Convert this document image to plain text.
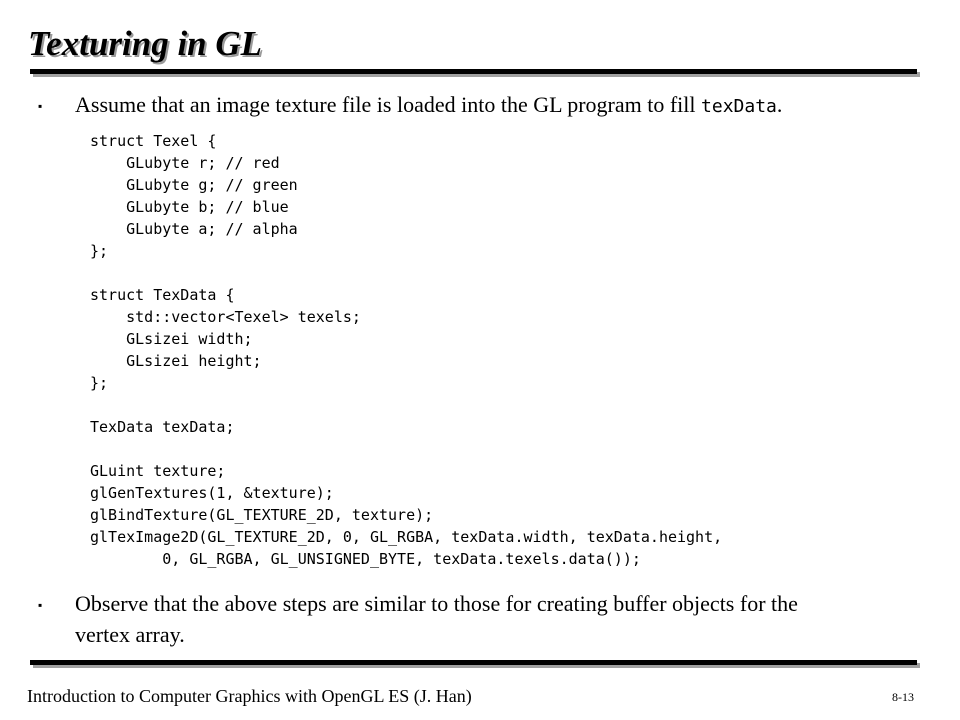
Texturing in GL
▪ Assume that an image texture file is loaded into the GL program to fill texData.
struct Texel {
GLubyte r; // red
GLubyte g; // green
GLubyte b; // blue
GLubyte a; // alpha
};

struct TexData {
std::vector<Texel> texels;
GLsizei width;
GLsizei height;
};

TexData texData;

GLuint texture;
glGenTextures(1, &texture);
glBindTexture(GL_TEXTURE_2D, texture);
glTexImage2D(GL_TEXTURE_2D, 0, GL_RGBA, texData.width, texData.height,
0, GL_RGBA, GL_UNSIGNED_BYTE, texData.texels.data());
▪ Observe that the above steps are similar to those for creating buffer objects for the
vertex array.
Introduction to Computer Graphics with OpenGL ES (J. Han)	8-13
